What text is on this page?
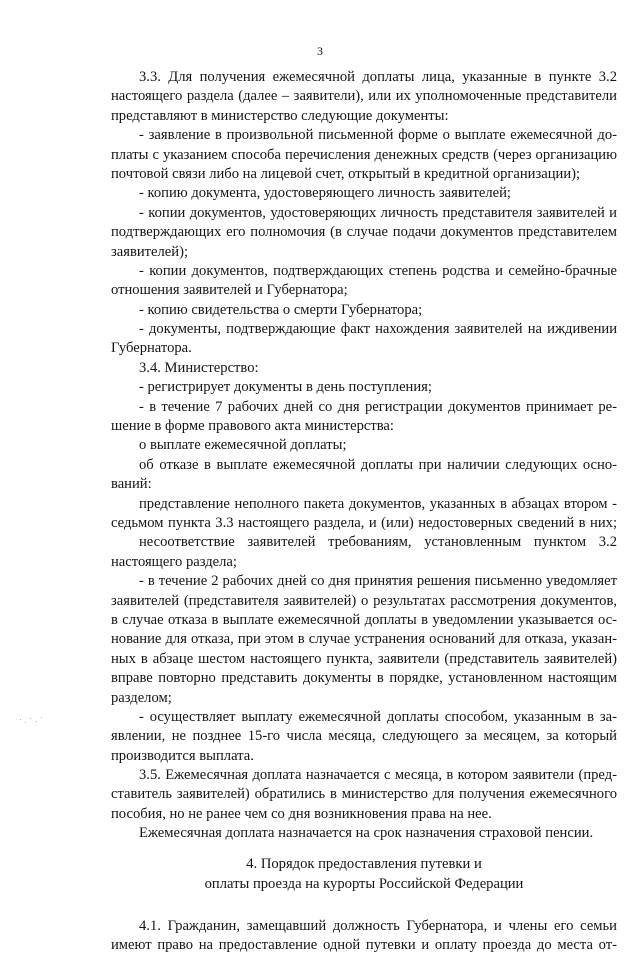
3
3.3. Для получения ежемесячной доплаты лица, указанные в пункте 3.2
настоящего раздела (далее – заявители), или их уполномоченные представители
представляют в министерство следующие документы:
- заявление в произвольной письменной форме о выплате ежемесячной до-
платы с указанием способа перечисления денежных средств (через организацию
почтовой связи либо на лицевой счет, открытый в кредитной организации);
- копию документа, удостоверяющего личность заявителей;
- копии документов, удостоверяющих личность представителя заявителей и
подтверждающих его полномочия (в случае подачи документов представителем
заявителей);
- копии документов, подтверждающих степень родства и семейно-брачные
отношения заявителей и Губернатора;
- копию свидетельства о смерти Губернатора;
- документы, подтверждающие факт нахождения заявителей на иждивении
Губернатора.
3.4. Министерство:
- регистрирует документы в день поступления;
- в течение 7 рабочих дней со дня регистрации документов принимает ре-
шение в форме правового акта министерства:
о выплате ежемесячной доплаты;
об отказе в выплате ежемесячной доплаты при наличии следующих осно-
ваний:
представление неполного пакета документов, указанных в абзацах втором -
седьмом пункта 3.3 настоящего раздела, и (или) недостоверных сведений в них;
несоответствие заявителей требованиям, установленным пунктом 3.2
настоящего раздела;
- в течение 2 рабочих дней со дня принятия решения письменно уведомляет
заявителей (представителя заявителей) о результатах рассмотрения документов,
в случае отказа в выплате ежемесячной доплаты в уведомлении указывается ос-
нование для отказа, при этом в случае устранения оснований для отказа, указан-
ных в абзаце шестом настоящего пункта, заявители (представитель заявителей)
вправе повторно представить документы в порядке, установленном настоящим
разделом;
- осуществляет выплату ежемесячной доплаты способом, указанным в за-
явлении, не позднее 15-го числа месяца, следующего за месяцем, за который
производится выплата.
3.5. Ежемесячная доплата назначается с месяца, в котором заявители (пред-
ставитель заявителей) обратились в министерство для получения ежемесячного
пособия, но не ранее чем со дня возникновения права на нее.
Ежемесячная доплата назначается на срок назначения страховой пенсии.
4. Порядок предоставления путевки и
оплаты проезда на курорты Российской Федерации
4.1. Гражданин, замещавший должность Губернатора, и члены его семьи
имеют право на предоставление одной путевки и оплату проезда до места от-
